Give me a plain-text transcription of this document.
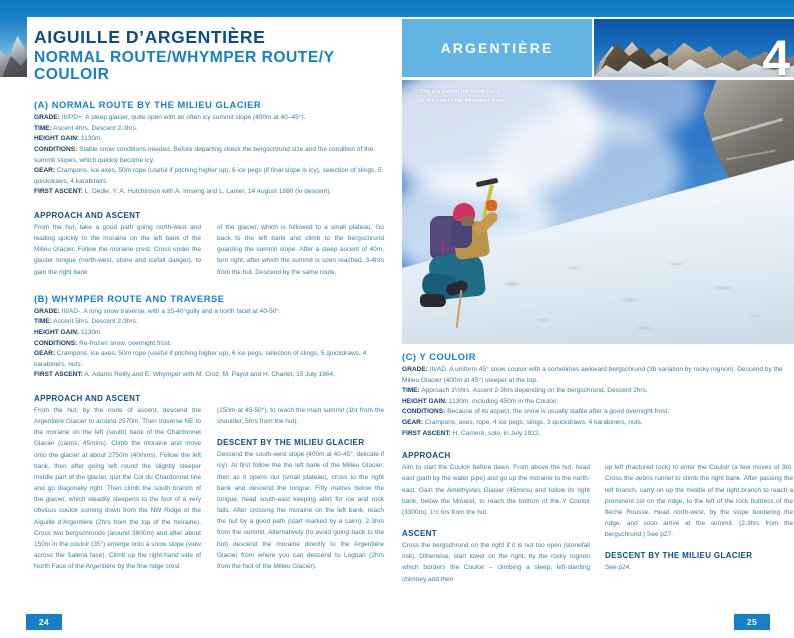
AIGUILLE D’ARGENTIÈRE
NORMAL ROUTE/WHYMPER ROUTE/Y COULOIR
(A) NORMAL ROUTE BY THE MILIEU GLACIER

GRADE: III/PD+. A steep glacier, quite open with an often icy summit slope (400m at 40–45°).

TIME: Ascent 4hrs. Descent 2-3hrs.

HEIGHT GAIN: 1130m.

CONDITIONS: Stable snow conditions needed. Before departing check the bergschrund size and the condition of the summit slopes, which quickly become icy.

GEAR: Crampons, ice axes, 50m rope (useful if pitching higher up), 6 ice pegs (if final slope is icy), selection of slings, 5 quickdraws, 4 karabiners.

FIRST ASCENT: L. Dèdle, Y. A. Hutchinson with A. Imseng and L. Lanier, 14 August 1880 (in descent).

APPROACH AND ASCENT

From the hut, take a good path going north-west and leading quickly to the moraine on the left bank of the Milieu Glacier. Follow the moraine crest. Cross under the glacier tongue (north-west, stone and icefall danger), to gain the right bank

of the glacier, which is followed to a small plateau. Go back to the left bank and climb to the bergschrund guarding the summit slope. After a steep ascent of 40m, turn right, after which the summit is soon reached. 3-4hrs from the hut. Descend by the same route.

(B) WHYMPER ROUTE AND TRAVERSE

GRADE: III/AD-. A long snow traverse, with a 35-40°gully and a north facet at 40-50°.

TIME: Ascent 5hrs. Descent 2-3hrs.

HEIGHT GAIN: 1130m.

CONDITIONS: Re-frozen snow, overnight frost.

GEAR: Crampons, ice axes, 50m rope (useful if pitching higher up), 6 ice pegs, selection of slings, 5 quickdraws, 4 karabiners, nuts.

FIRST ASCENT: A. Adams Reilly and E. Whymper with M. Croz, M. Payot and H. Charlet, 15 July 1864.

APPROACH AND ASCENT

From the hut, by the route of ascent, descend the Argentière Glacier to around 2570m. Then traverse NE to the moraine on the left (south) bank of the Chardonnet Glacier (cairns, 45mins). Climb the moraine and move onto the glacier at about 2750m (40mins). Follow the left bank, then after going left round the slightly steeper middle part of the glacier, quit the Col du Chardonnet line and go diagonally right. Then climb the south branch of the glacier, which steadily steepens to the foot of a very obvious couloir coming down from the NW Ridge of the Aiguille d’Argentière (2hrs from the top of the moraine). Cross two bergschrunds (around 3600m) and after about 150m in the couloir (35°) emerge onto a snow slope (view across the Salena face). Climb up the right-hand side of North Face of the Argentière by the fine ridge crest

(150m at 45-50°), to reach the main summit (1hr from the shoulder, 5hrs from the hut).

DESCENT BY THE MILIEU GLACIER

Descend the south-west slope (400m at 40-45°, delicate if icy). At first follow the the left bank of the Milieu Glacier, then as it opens out (small plateau), cross to the right bank and descend the tongue. Fifty metres below the tongue, head south-east keeping alert for ice and rock falls. After crossing the moraine on the left bank, reach the hut by a good path (start marked by a cairn), 2-3hrs from the summit. Alternatively (to avoid going back to the hut) descend the moraine directly to the Argentière Glacier from where you can descend to Lognan (2hrs from the foot of the Milieu Glacier).

24
ARGENTIÈRE	4
The top part of the North Face,
at the exit of the Whymper route.
(C) Y COULOIR

GRADE: III/AD. A uniform 45° snow couloir with a sometimes awkward bergschrund (3b variation by rocky rognon). Descend by the Milieu Glacier (400m at 45°) steeper at the top.

TIME: Approach 1½hrs. Ascent 2-3hrs depending on the bergschrund. Descent 2hrs.

HEIGHT GAIN: 1130m, including 450m in the Couloir.

CONDITIONS: Because of its aspect, the snow is usually stable after a good overnight frost.

GEAR: Crampons, axes, rope, 4 ice pegs, slings, 3 quickdraws, 4 karabiners, nuts.

FIRST ASCENT: H. Cameré, solo, in July 1922.

APPROACH

Aim to start the Couloir before dawn. From above the hut, head east (path by the water pipe) and go up the moraine to the north-east. Gain the Améthystes Glacier (45mins) and follow its right bank, below the Minaret, to reach the bottom of the Y Couloir (3300m). 1½ hrs from the hut.

ASCENT

Cross the bergschrund on the right if it is not too open (stonefall risk). Otherwise, start lower on the right, by the rocky rognon which borders the Couloir – climbing a steep, left-slanting chimney and then

up left (fractured rock) to enter the Couloir (a few moves of 3b). Cross the debris runnel to climb the right bank. After passing the left branch, carry on up the middle of the right branch to reach a prominent col on the ridge, to the left of the rock buttress of the flèche Rousse. Head north-west, by the slope bordering the ridge, and soon arrive at the summit. (2-3hrs from the bergschrund.) See p27.

DESCENT BY THE MILIEU GLACIER

See p24.

25
